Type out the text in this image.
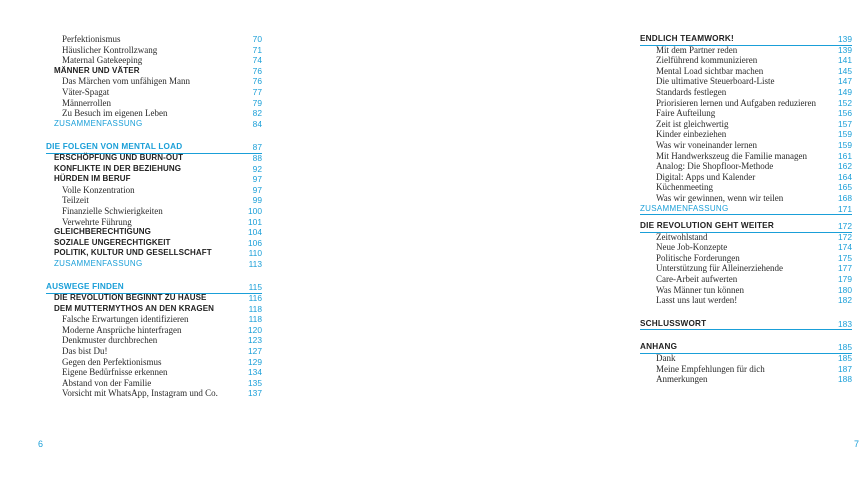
Perfektionismus	70
Häuslicher Kontrollzwang	71
Maternal Gatekeeping	74
MÄNNER UND VÄTER	76
Das Märchen vom unfähigen Mann	76
Väter-Spagat	77
Männerrollen	79
Zu Besuch im eigenen Leben	82
ZUSAMMENFASSUNG	84
DIE FOLGEN VON MENTAL LOAD	87
ERSCHÖPFUNG UND BURN-OUT	88
KONFLIKTE IN DER BEZIEHUNG	92
HÜRDEN IM BERUF	97
Volle Konzentration	97
Teilzeit	99
Finanzielle Schwierigkeiten	100
Verwehrte Führung	101
GLEICHBERECHTIGUNG	104
SOZIALE UNGERECHTIGKEIT	106
POLITIK, KULTUR UND GESELLSCHAFT	110
ZUSAMMENFASSUNG	113
AUSWEGE FINDEN	115
DIE REVOLUTION BEGINNT ZU HAUSE	116
DEM MUTTERMYTHOS AN DEN KRAGEN	118
Falsche Erwartungen identifizieren	118
Moderne Ansprüche hinterfragen	120
Denkmuster durchbrechen	123
Das bist Du!	127
Gegen den Perfektionismus	129
Eigene Bedürfnisse erkennen	134
Abstand von der Familie	135
Vorsicht mit WhatsApp, Instagram und Co.	137
6
ENDLICH TEAMWORK!	139
Mit dem Partner reden	139
Zielführend kommunizieren	141
Mental Load sichtbar machen	145
Die ultimative Steuerboard-Liste	147
Standards festlegen	149
Priorisieren lernen und Aufgaben reduzieren	152
Faire Aufteilung	156
Zeit ist gleichwertig	157
Kinder einbeziehen	159
Was wir voneinander lernen	159
Mit Handwerkszeug die Familie managen	161
Analog: Die Shopfloor-Methode	162
Digital: Apps und Kalender	164
Küchenmeeting	165
Was wir gewinnen, wenn wir teilen	168
ZUSAMMENFASSUNG	171
DIE REVOLUTION GEHT WEITER	172
Zeitwohlstand	172
Neue Job-Konzepte	174
Politische Forderungen	175
Unterstützung für Alleinerziehende	177
Care-Arbeit aufwerten	179
Was Männer tun können	180
Lasst uns laut werden!	182
SCHLUSSWORT	183
ANHANG	185
Dank	185
Meine Empfehlungen für dich	187
Anmerkungen	188
7
